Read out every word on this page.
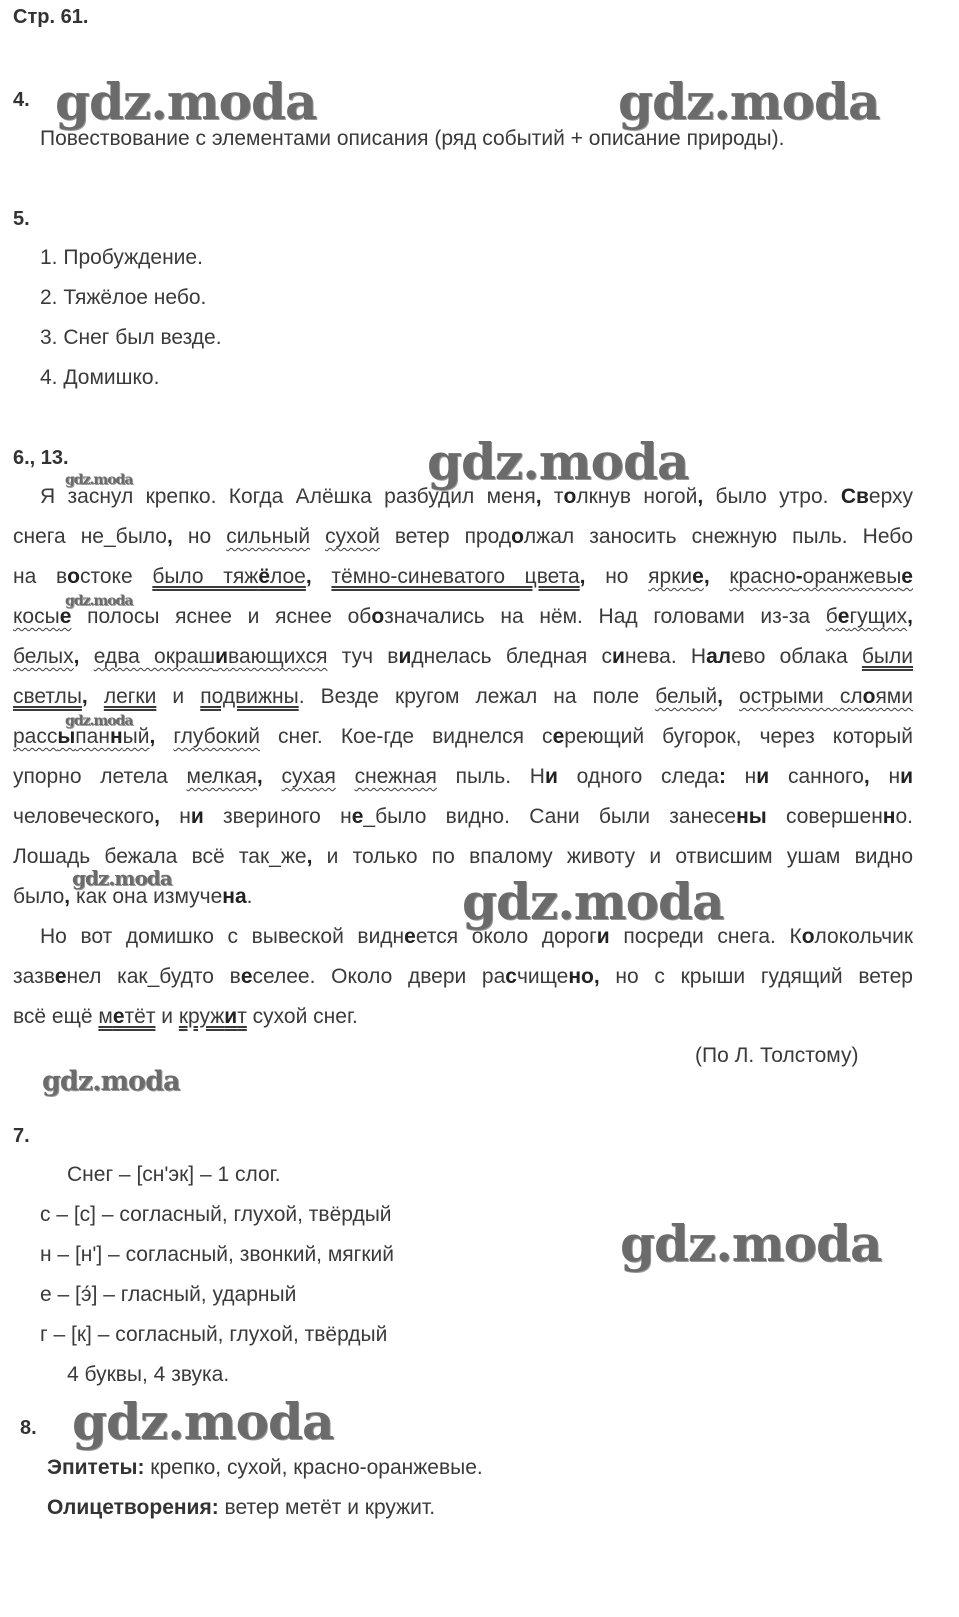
Стр. 61.
gdz.moda	gdz.moda
gdz.moda
gdz.moda
gdz.moda
gdz.moda
gdz.moda	gdz.moda
gdz.moda
gdz.moda
gdz.moda
4.
Повествование с элементами описания (ряд событий + описание природы).
5.
1. Пробуждение.
2. Тяжёлое небо.
3. Снег был везде.
4. Домишко.
6., 13.

Я заснул крепко. Когда Алёшка разбудил меня, толкнув ногой, было утро. Сверху

снега не_было, но сильный сухой ветер продолжал заносить снежную пыль. Небо

на востоке было тяжёлое, тёмно-синеватого цвета, но яркие, красно-оранжевые

косые полосы яснее и яснее обозначались на нём. Над головами из-за бегущих,

белых, едва окрашивающихся туч виднелась бледная синева. Налево облака были

светлы, легки и подвижны. Везде кругом лежал на поле белый, острыми слоями

рассыпанный, глубокий снег. Кое-где виднелся сереющий бугорок, через который

упорно летела мелкая, сухая снежная пыль. Ни одного следа: ни санного, ни

человеческого, ни звериного не_было видно. Сани были занесены совершенно.

Лошадь бежала всё так_же, и только по впалому животу и отвисшим ушам видно

было, как она измучена.

Но вот домишко с вывеской виднеется около дороги посреди снега. Колокольчик

зазвенел как_будто веселее. Около двери расчищено, но с крыши гудящий ветер

всё ещё метёт и кружит сухой снег.

(По Л. Толстому)
7.
Снег – [сн'эк] – 1 слог.
с – [с] – согласный, глухой, твёрдый
н – [н'] – согласный, звонкий, мягкий
е – [э́] – гласный, ударный
г – [к] – согласный, глухой, твёрдый
4 буквы, 4 звука.
8.
Эпитеты: крепко, сухой, красно-оранжевые.
Олицетворения: ветер метёт и кружит.
